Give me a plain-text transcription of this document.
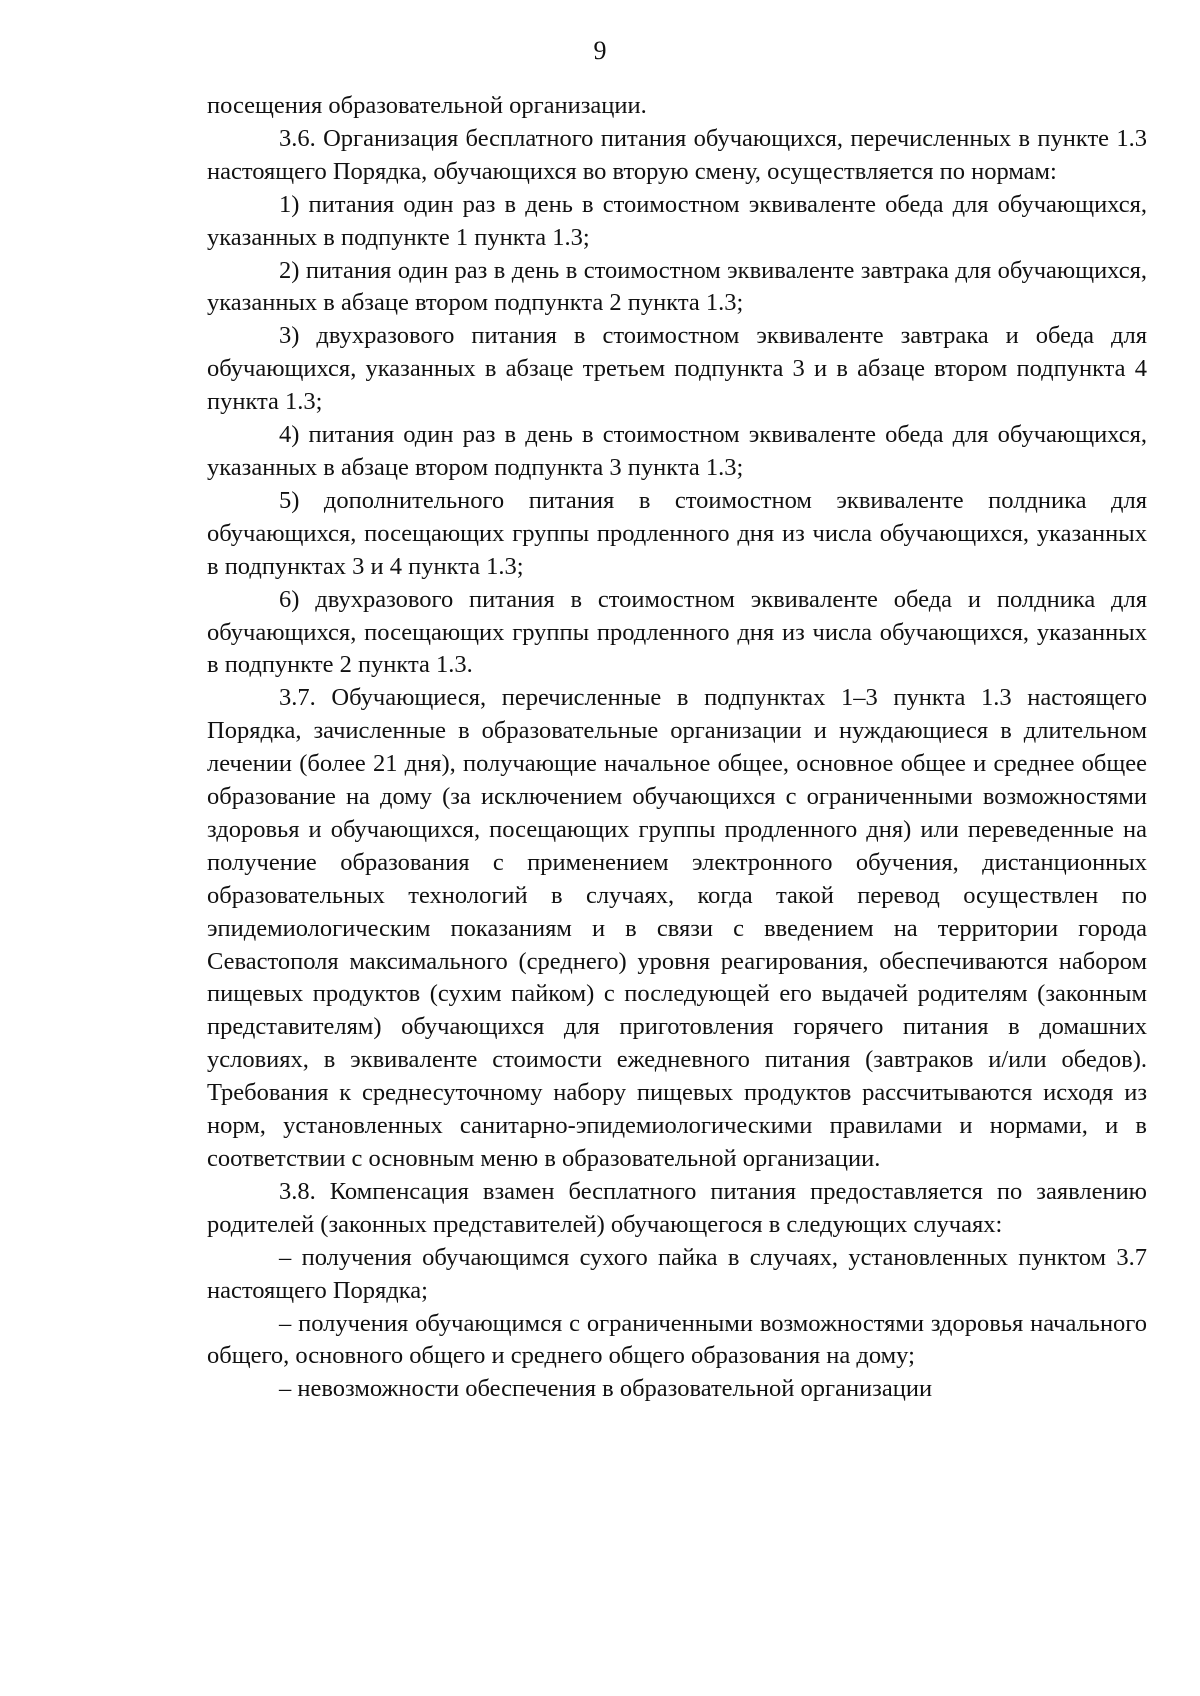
9

посещения образовательной организации.

3.6. Организация бесплатного питания обучающихся, перечисленных в пункте 1.3 настоящего Порядка, обучающихся во вторую смену, осуществляется по нормам:

1) питания один раз в день в стоимостном эквиваленте обеда для обучающихся, указанных в подпункте 1 пункта 1.3;

2) питания один раз в день в стоимостном эквиваленте завтрака для обучающихся, указанных в абзаце втором подпункта 2 пункта 1.3;

3) двухразового питания в стоимостном эквиваленте завтрака и обеда для обучающихся, указанных в абзаце третьем подпункта 3 и в абзаце втором подпункта 4 пункта 1.3;

4) питания один раз в день в стоимостном эквиваленте обеда для обучающихся, указанных в абзаце втором подпункта 3 пункта 1.3;

5) дополнительного питания в стоимостном эквиваленте полдника для обучающихся, посещающих группы продленного дня из числа обучающихся, указанных в подпунктах 3 и 4 пункта 1.3;

6) двухразового питания в стоимостном эквиваленте обеда и полдника для обучающихся, посещающих группы продленного дня из числа обучающихся, указанных в подпункте 2 пункта 1.3.

3.7. Обучающиеся, перечисленные в подпунктах 1–3 пункта 1.3 настоящего Порядка, зачисленные в образовательные организации и нуждающиеся в длительном лечении (более 21 дня), получающие начальное общее, основное общее и среднее общее образование на дому (за исключением обучающихся с ограниченными возможностями здоровья и обучающихся, посещающих группы продленного дня) или переведенные на получение образования с применением электронного обучения, дистанционных образовательных технологий в случаях, когда такой перевод осуществлен по эпидемиологическим показаниям и в связи с введением на территории города Севастополя максимального (среднего) уровня реагирования, обеспечиваются набором пищевых продуктов (сухим пайком) с последующей его выдачей родителям (законным представителям) обучающихся для приготовления горячего питания в домашних условиях, в эквиваленте стоимости ежедневного питания (завтраков и/или обедов). Требования к среднесуточному набору пищевых продуктов рассчитываются исходя из норм, установленных санитарно-эпидемиологическими правилами и нормами, и в соответствии с основным меню в образовательной организации.

3.8. Компенсация взамен бесплатного питания предоставляется по заявлению родителей (законных представителей) обучающегося в следующих случаях:

– получения обучающимся сухого пайка в случаях, установленных пунктом 3.7 настоящего Порядка;

– получения обучающимся с ограниченными возможностями здоровья начального общего, основного общего и среднего общего образования на дому;

– невозможности обеспечения в образовательной организации
